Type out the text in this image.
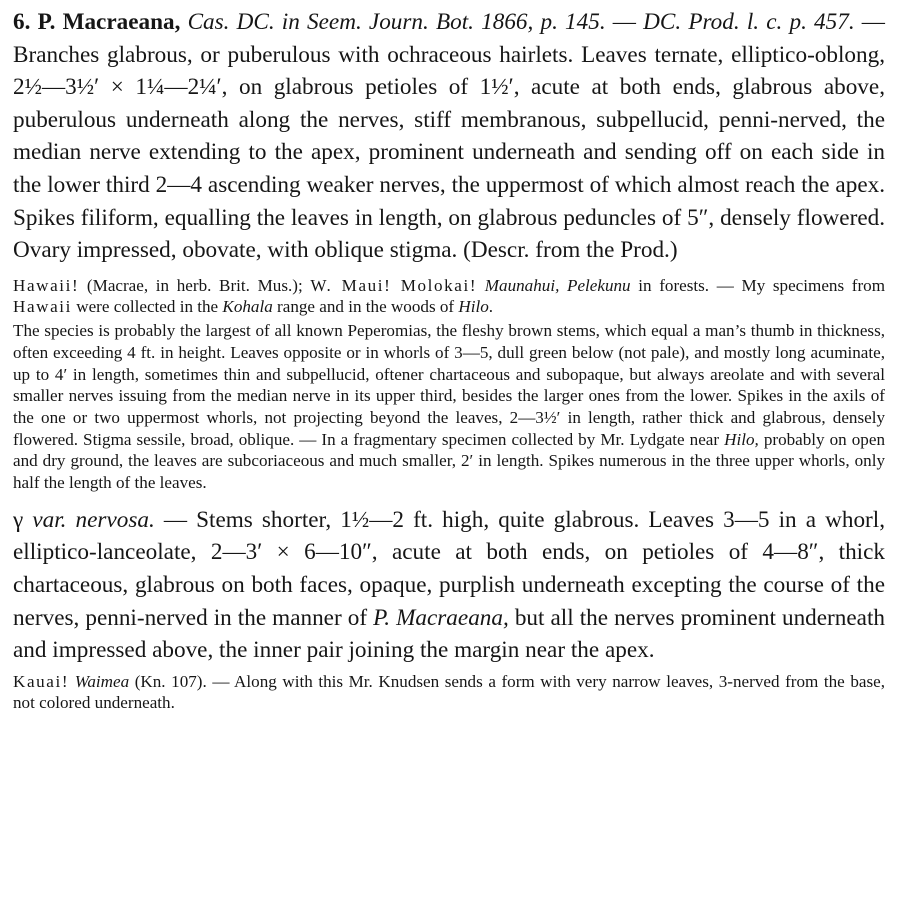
6. P. Macraeana, Cas. DC. in Seem. Journ. Bot. 1866, p. 145. — DC. Prod. l. c. p. 457. — Branches glabrous, or puberulous with ochraceous hairlets. Leaves ternate, elliptico-oblong, 2½—3½′ × 1¼—2¼′, on glabrous petioles of 1½′, acute at both ends, glabrous above, puberulous underneath along the nerves, stiff membranous, subpellucid, penni-nerved, the median nerve extending to the apex, prominent underneath and sending off on each side in the lower third 2—4 ascending weaker nerves, the uppermost of which almost reach the apex. Spikes filiform, equalling the leaves in length, on glabrous peduncles of 5″, densely flowered. Ovary impressed, obovate, with oblique stigma. (Descr. from the Prod.)

Hawaii! (Macrae, in herb. Brit. Mus.); W. Maui! Molokai! Maunahui, Pelekunu in forests. — My specimens from Hawaii were collected in the Kohala range and in the woods of Hilo.

The species is probably the largest of all known Peperomias, the fleshy brown stems, which equal a man’s thumb in thickness, often exceeding 4 ft. in height. Leaves opposite or in whorls of 3—5, dull green below (not pale), and mostly long acuminate, up to 4′ in length, sometimes thin and subpellucid, oftener chartaceous and subopaque, but always areolate and with several smaller nerves issuing from the median nerve in its upper third, besides the larger ones from the lower. Spikes in the axils of the one or two uppermost whorls, not projecting beyond the leaves, 2—3½′ in length, rather thick and glabrous, densely flowered. Stigma sessile, broad, oblique. — In a fragmentary specimen collected by Mr. Lydgate near Hilo, probably on open and dry ground, the leaves are subcoriaceous and much smaller, 2′ in length. Spikes numerous in the three upper whorls, only half the length of the leaves.

γ var. nervosa. — Stems shorter, 1½—2 ft. high, quite glabrous. Leaves 3—5 in a whorl, elliptico-lanceolate, 2—3′ × 6—10″, acute at both ends, on petioles of 4—8″, thick chartaceous, glabrous on both faces, opaque, purplish underneath excepting the course of the nerves, penni-nerved in the manner of P. Macraeana, but all the nerves prominent underneath and impressed above, the inner pair joining the margin near the apex.

Kauai! Waimea (Kn. 107). — Along with this Mr. Knudsen sends a form with very narrow leaves, 3-nerved from the base, not colored underneath.
